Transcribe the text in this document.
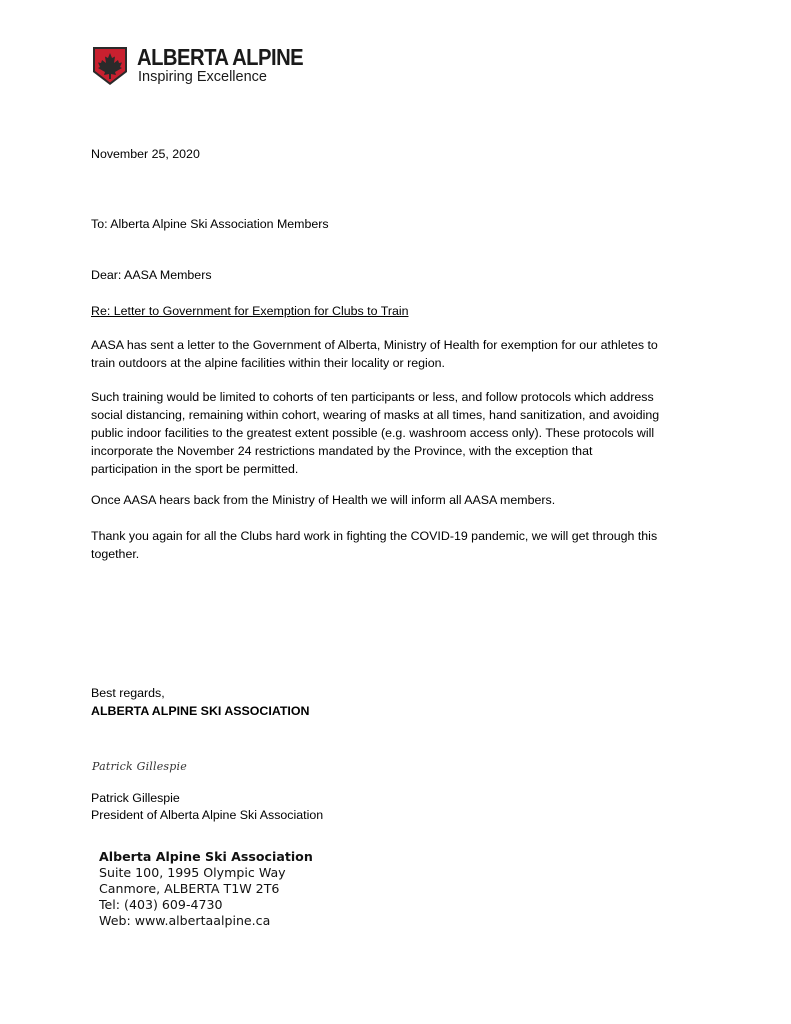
ALBERTA ALPINE
Inspiring Excellence
November 25, 2020
To: Alberta Alpine Ski Association Members
Dear: AASA Members
Re: Letter to Government for Exemption for Clubs to Train
AASA has sent a letter to the Government of Alberta, Ministry of Health for exemption for our athletes to
train outdoors at the alpine facilities within their locality or region.
Such training would be limited to cohorts of ten participants or less, and follow protocols which address
social distancing, remaining within cohort, wearing of masks at all times, hand sanitization, and avoiding
public indoor facilities to the greatest extent possible (e.g. washroom access only). These protocols will
incorporate the November 24 restrictions mandated by the Province, with the exception that
participation in the sport be permitted.
Once AASA hears back from the Ministry of Health we will inform all AASA members.
Thank you again for all the Clubs hard work in fighting the COVID-19 pandemic, we will get through this
together.
Best regards,
ALBERTA ALPINE SKI ASSOCIATION
Patrick Gillespie
Patrick Gillespie
President of Alberta Alpine Ski Association
Alberta Alpine Ski Association
Suite 100, 1995 Olympic Way
Canmore, ALBERTA T1W 2T6
Tel: (403) 609-4730
Web: www.albertaalpine.ca
